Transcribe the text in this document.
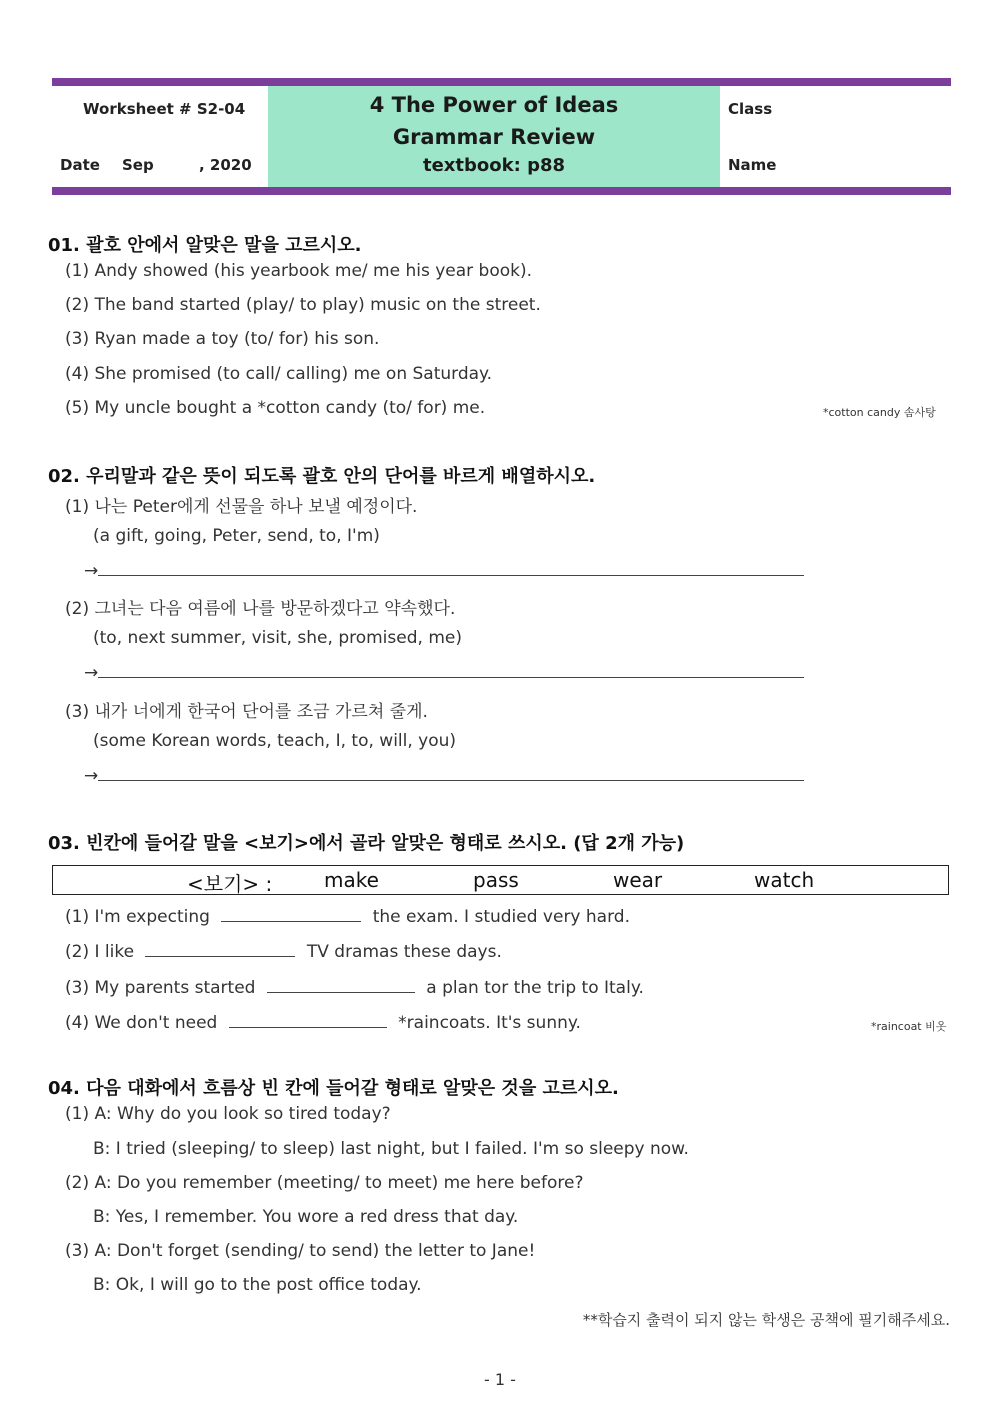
Worksheet # S2-04
Date Sep	, 2020
4 The Power of Ideas
Grammar Review
textbook: p88
Class
Name

01. 괄호 안에서 알맞은 말을 고르시오.

(1) Andy showed (his yearbook me/ me his year book).
(2) The band started (play/ to play) music on the street.
(3) Ryan made a toy (to/ for) his son.
(4) She promised (to call/ calling) me on Saturday.
(5) My uncle bought a *cotton candy (to/ for) me.	*cotton candy 솜사탕

02. 우리말과 같은 뜻이 되도록 괄호 안의 단어를 바르게 배열하시오.

(1) 나는 Peter에게 선물을 하나 보낼 예정이다.
(a gift, going, Peter, send, to, I'm)
→
(2) 그녀는 다음 여름에 나를 방문하겠다고 약속했다.
(to, next summer, visit, she, promised, me)
→
(3) 내가 너에게 한국어 단어를 조금 가르쳐 줄게.
(some Korean words, teach, I, to, will, you)
→

03. 빈칸에 들어갈 말을 <보기>에서 골라 알맞은 형태로 쓰시오. (답 2개 가능)

<보기> :	make	pass	wear	watch
(1) I'm expecting	the exam. I studied very hard.
(2) I like	TV dramas these days.
(3) My parents started	a plan tor the trip to Italy.
(4) We don't need	*raincoats. It's sunny.	*raincoat 비옷

04. 다음 대화에서 흐름상 빈 칸에 들어갈 형태로 알맞은 것을 고르시오.

(1) A: Why do you look so tired today?
B: I tried (sleeping/ to sleep) last night, but I failed. I'm so sleepy now.
(2) A: Do you remember (meeting/ to meet) me here before?
B: Yes, I remember. You wore a red dress that day.
(3) A: Don't forget (sending/ to send) the letter to Jane!
B: Ok, I will go to the post office today.
**학습지 출력이 되지 않는 학생은 공책에 필기해주세요.
- 1 -
